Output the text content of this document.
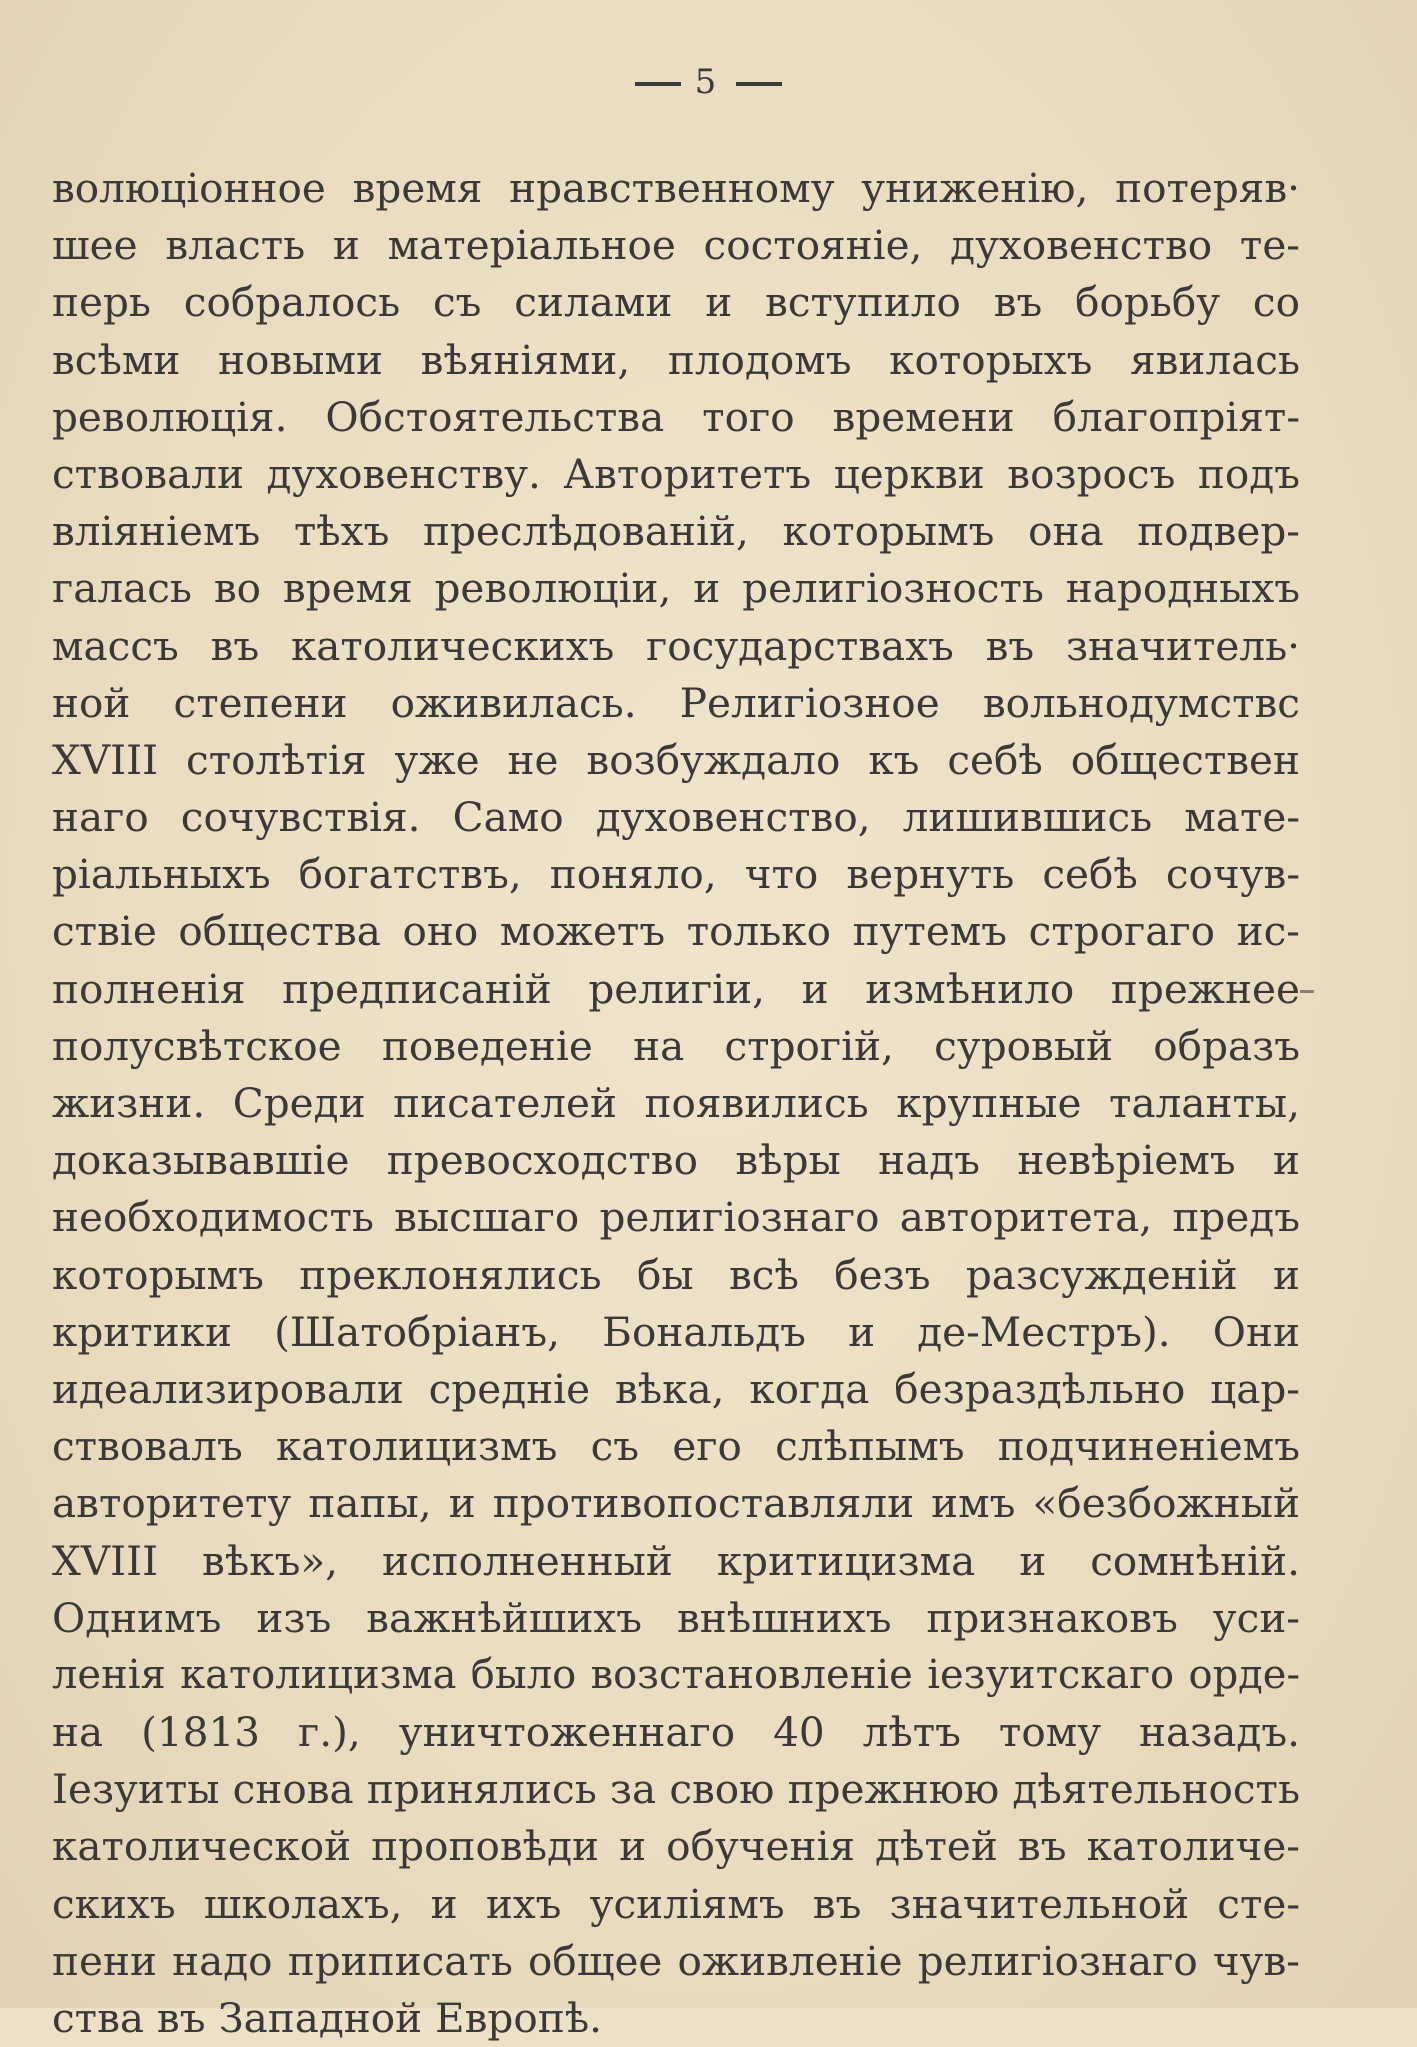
5
волюціонное время нравственному униженію, потеряв·
шее власть и матеріальное состояніе, духовенство те-
перь собралось съ силами и вступило въ борьбу со
всѣми новыми вѣяніями, плодомъ которыхъ явилась
революція. Обстоятельства того времени благопріят-
ствовали духовенству. Авторитетъ церкви возросъ подъ
вліяніемъ тѣхъ преслѣдованій, которымъ она подвер-
галась во время революціи, и религіозность народныхъ
массъ въ католическихъ государствахъ въ значитель·
ной степени оживилась. Религіозное вольнодумствс
XVIII столѣтія уже не возбуждало къ себѣ обществен
наго сочувствія. Само духовенство, лишившись мате-
ріальныхъ богатствъ, поняло, что вернуть себѣ сочув-
ствіе общества оно можетъ только путемъ строгаго ис-
полненія предписаній религіи, и измѣнило прежнее
полусвѣтское поведеніе на строгій, суровый образъ
жизни. Среди писателей появились крупные таланты,
доказывавшіе превосходство вѣры надъ невѣріемъ и
необходимость высшаго религіознаго авторитета, предъ
которымъ преклонялись бы всѣ безъ разсужденій и
критики (Шатобріанъ, Бональдъ и де-Местръ). Они
идеализировали средніе вѣка, когда безраздѣльно цар-
ствовалъ католицизмъ съ его слѣпымъ подчиненіемъ
авторитету папы, и противопоставляли имъ «безбожный
XVIII вѣкъ», исполненный критицизма и сомнѣній.
Однимъ изъ важнѣйшихъ внѣшнихъ признаковъ уси-
ленія католицизма было возстановленіе іезуитскаго орде-
на (1813 г.), уничтоженнаго 40 лѣтъ тому назадъ.
Іезуиты снова принялись за свою прежнюю дѣятельность
католической проповѣди и обученія дѣтей въ католиче-
скихъ школахъ, и ихъ усиліямъ въ значительной сте-
пени надо приписать общее оживленіе религіознаго чув-
ства въ Западной Европѣ.
